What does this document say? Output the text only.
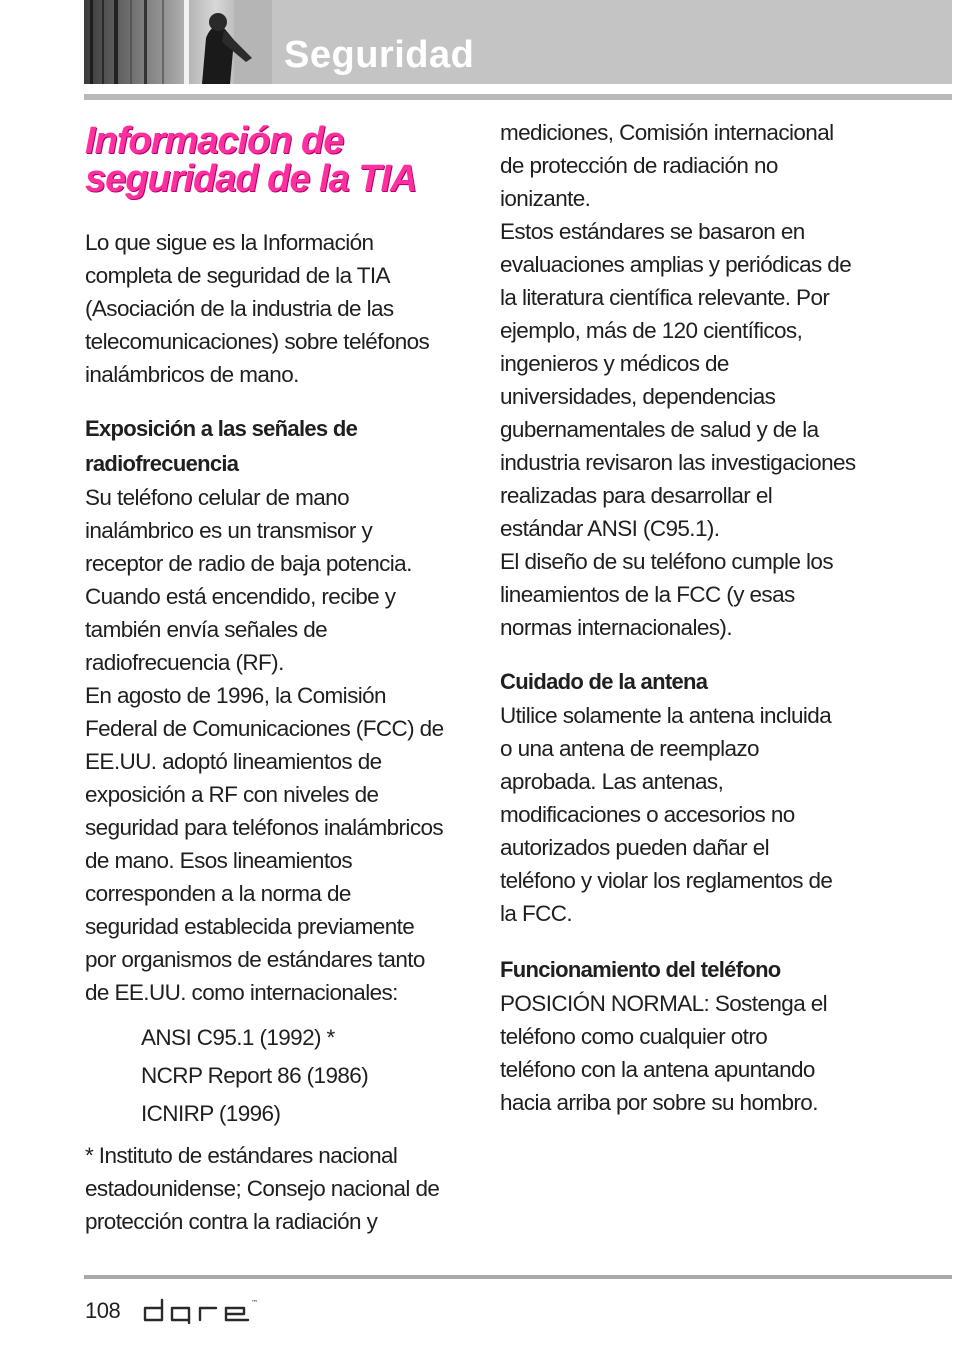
Seguridad
Información de
seguridad de la TIA

Lo que sigue es la Información

completa de seguridad de la TIA

(Asociación de la industria de las

telecomunicaciones) sobre teléfonos

inalámbricos de mano.

Exposición a las señales de
radiofrecuencia

Su teléfono celular de mano

inalámbrico es un transmisor y

receptor de radio de baja potencia.

Cuando está encendido, recibe y

también envía señales de

radiofrecuencia (RF).

En agosto de 1996, la Comisión

Federal de Comunicaciones (FCC) de

EE.UU. adoptó lineamientos de

exposición a RF con niveles de

seguridad para teléfonos inalámbricos

de mano. Esos lineamientos

corresponden a la norma de

seguridad establecida previamente

por organismos de estándares tanto

de EE.UU. como internacionales:

ANSI C95.1 (1992) *

NCRP Report 86 (1986)

ICNIRP (1996)

* Instituto de estándares nacional

estadounidense; Consejo nacional de

protección contra la radiación y

mediciones, Comisión internacional

de protección de radiación no

ionizante.

Estos estándares se basaron en

evaluaciones amplias y periódicas de

la literatura científica relevante. Por

ejemplo, más de 120 científicos,

ingenieros y médicos de

universidades, dependencias

gubernamentales de salud y de la

industria revisaron las investigaciones

realizadas para desarrollar el

estándar ANSI (C95.1).

El diseño de su teléfono cumple los

lineamientos de la FCC (y esas

normas internacionales).

Cuidado de la antena

Utilice solamente la antena incluida

o una antena de reemplazo

aprobada. Las antenas,

modificaciones o accesorios no

autorizados pueden dañar el

teléfono y violar los reglamentos de

la FCC.

Funcionamiento del teléfono

POSICIÓN NORMAL: Sostenga el

teléfono como cualquier otro

teléfono con la antena apuntando

hacia arriba por sobre su hombro.

108	™
